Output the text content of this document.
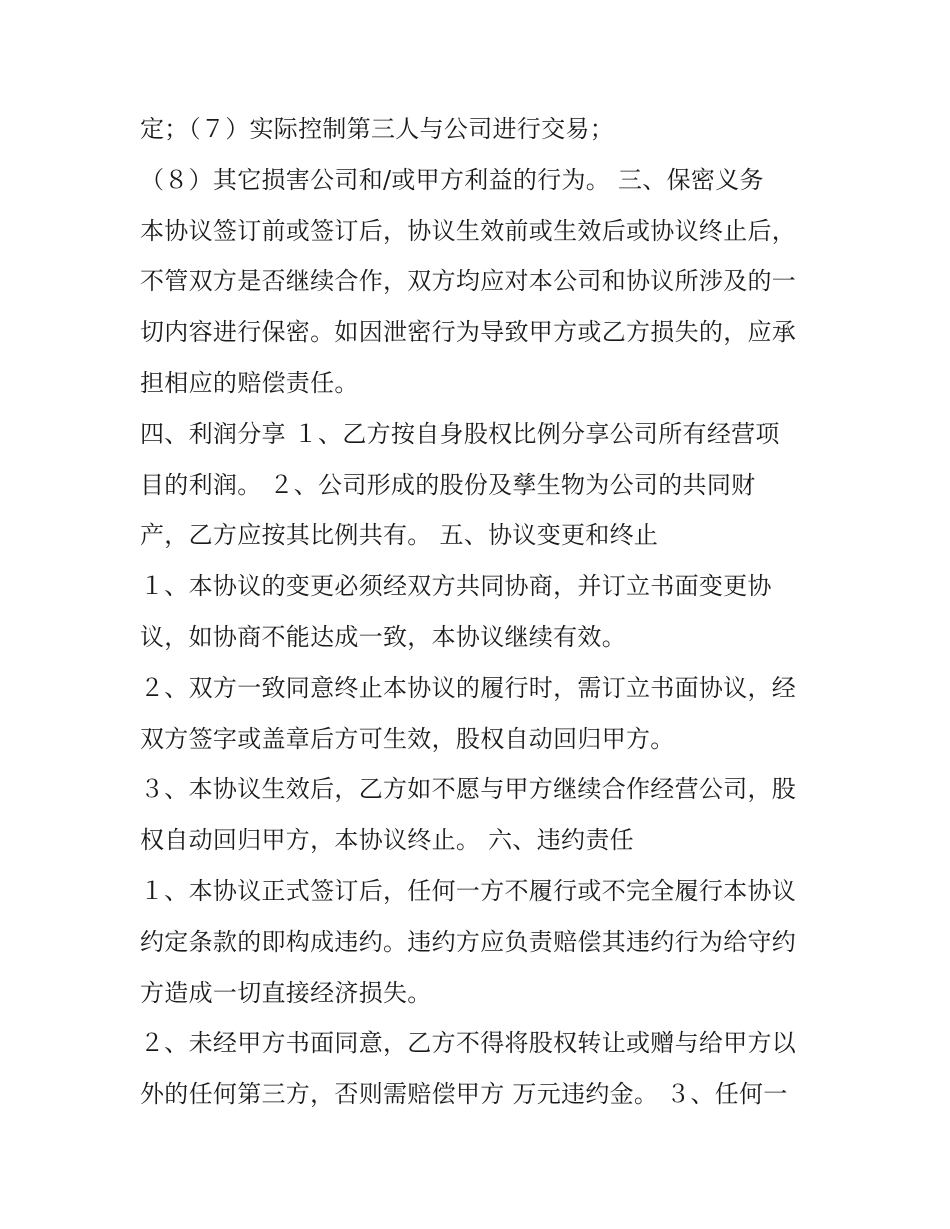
定；（７）实际控制第三人与公司进行交易；
（８）其它损害公司和/或甲方利益的行为。 三、保密义务
本协议签订前或签订后，协议生效前或生效后或协议终止后，
不管双方是否继续合作，双方均应对本公司和协议所涉及的一
切内容进行保密。如因泄密行为导致甲方或乙方损失的，应承
担相应的赔偿责任。
四、利润分享 １、乙方按自身股权比例分享公司所有经营项
目的利润。 ２、公司形成的股份及孳生物为公司的共同财
产，乙方应按其比例共有。 五、协议变更和终止
１、本协议的变更必须经双方共同协商，并订立书面变更协
议，如协商不能达成一致，本协议继续有效。
２、双方一致同意终止本协议的履行时，需订立书面协议，经
双方签字或盖章后方可生效，股权自动回归甲方。
３、本协议生效后，乙方如不愿与甲方继续合作经营公司，股
权自动回归甲方，本协议终止。 六、违约责任
１、本协议正式签订后，任何一方不履行或不完全履行本协议
约定条款的即构成违约。违约方应负责赔偿其违约行为给守约
方造成一切直接经济损失。
２、未经甲方书面同意，乙方不得将股权转让或赠与给甲方以
外的任何第三方，否则需赔偿甲方 万元违约金。 ３、任何一
